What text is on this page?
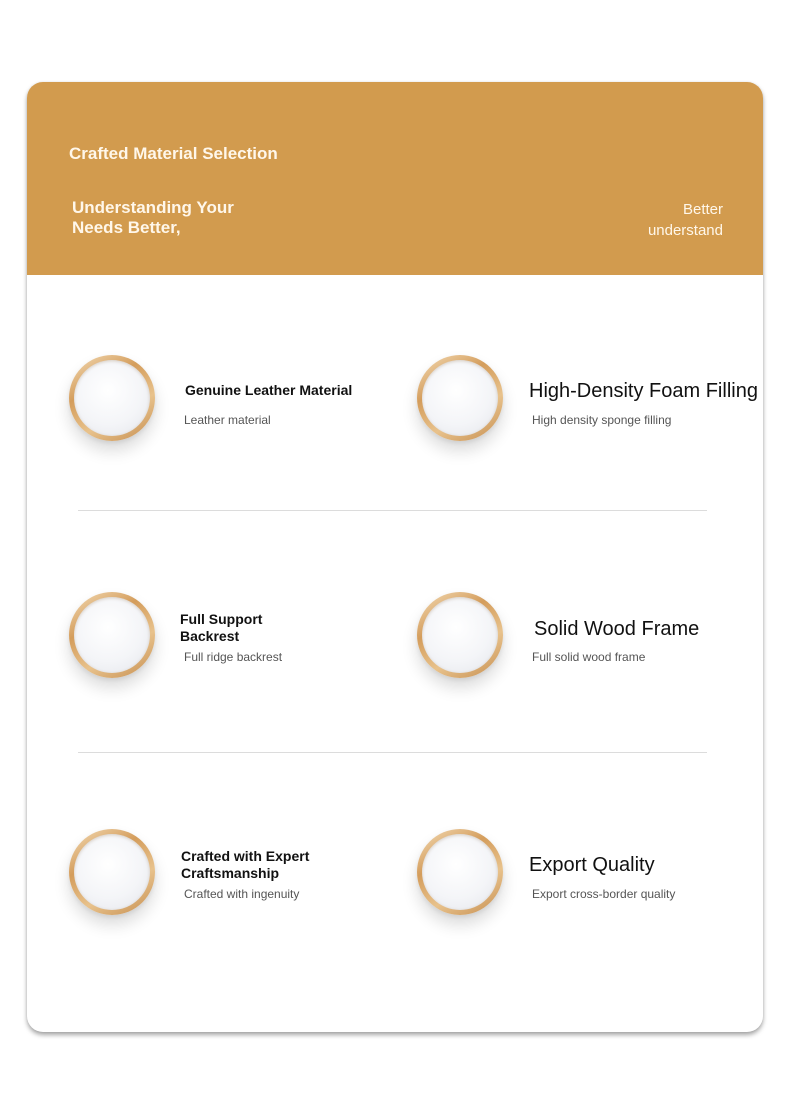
Crafted Material Selection
Understanding Your Needs Better,
Better understand
Genuine Leather Material
Leather material
High-Density Foam Filling
High density sponge filling
Full Support Backrest
Full ridge backrest
Solid Wood Frame
Full solid wood frame
Crafted with Expert Craftsmanship
Crafted with ingenuity
Export Quality
Export cross-border quality
